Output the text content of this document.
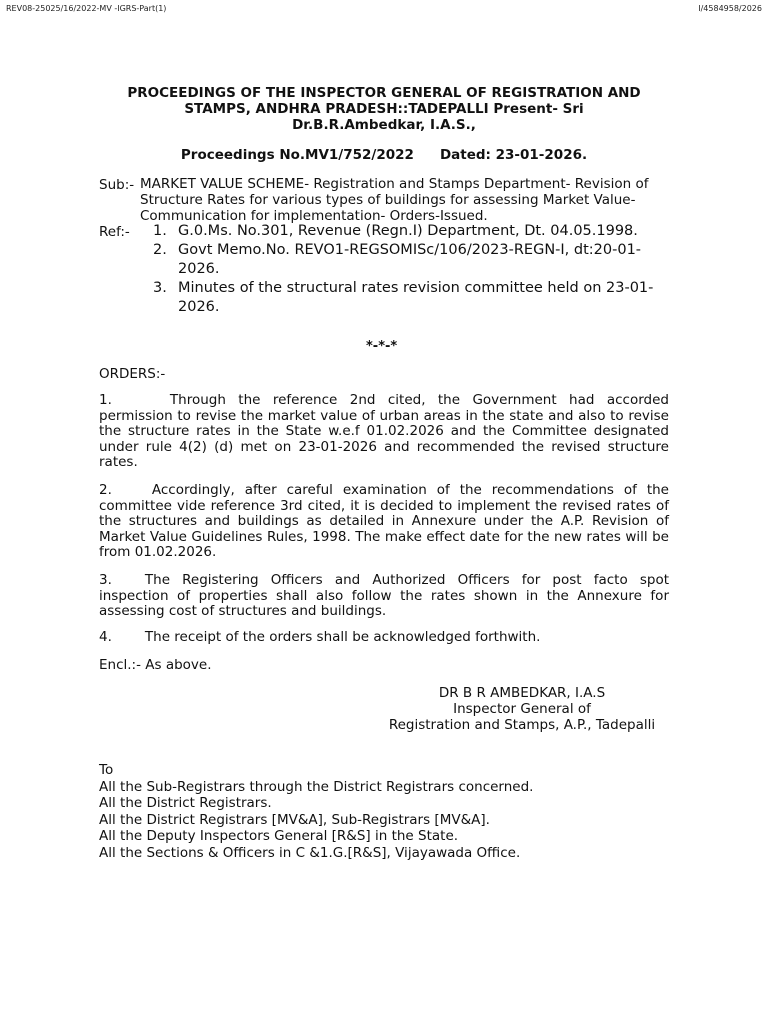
REV08-25025/16/2022-MV -IGRS-Part(1)	I/4584958/2026
PROCEEDINGS OF THE INSPECTOR GENERAL OF REGISTRATION AND
STAMPS, ANDHRA PRADESH::TADEPALLI Present- Sri
Dr.B.R.Ambedkar, I.A.S.,
Proceedings No.MV1/752/2022 Dated: 23-01-2026.
Sub:- MARKET VALUE SCHEME- Registration and Stamps Department- Revision of Structure Rates for various types of buildings for assessing Market Value- Communication for implementation- Orders-Issued.
Ref:- 1. G.0.Ms. No.301, Revenue (Regn.I) Department, Dt. 04.05.1998.
2. Govt Memo.No. REVO1-REGSOMISc/106/2023-REGN-I, dt:20-01-2026.
3. Minutes of the structural rates revision committee held on 23-01-2026.
*-*-*
ORDERS:-
1.	Through the reference 2nd cited, the Government had accorded permission to revise the market value of urban areas in the state and also to revise the structure rates in the State w.e.f 01.02.2026 and the Committee designated under rule 4(2) (d) met on 23-01-2026 and recommended the revised structure rates.
2.	Accordingly, after careful examination of the recommendations of the committee vide reference 3rd cited, it is decided to implement the revised rates of the structures and buildings as detailed in Annexure under the A.P. Revision of Market Value Guidelines Rules, 1998. The make effect date for the new rates will be from 01.02.2026.
3. The Registering Officers and Authorized Officers for post facto spot inspection of properties shall also follow the rates shown in the Annexure for assessing cost of structures and buildings.
4. The receipt of the orders shall be acknowledged forthwith.
Encl.:- As above.
DR B R AMBEDKAR, I.A.S
Inspector General of
Registration and Stamps, A.P., Tadepalli
To
All the Sub-Registrars through the District Registrars concerned.
All the District Registrars.
All the District Registrars [MV&A], Sub-Registrars [MV&A].
All the Deputy Inspectors General [R&S] in the State.
All the Sections & Officers in C &1.G.[R&S], Vijayawada Office.
